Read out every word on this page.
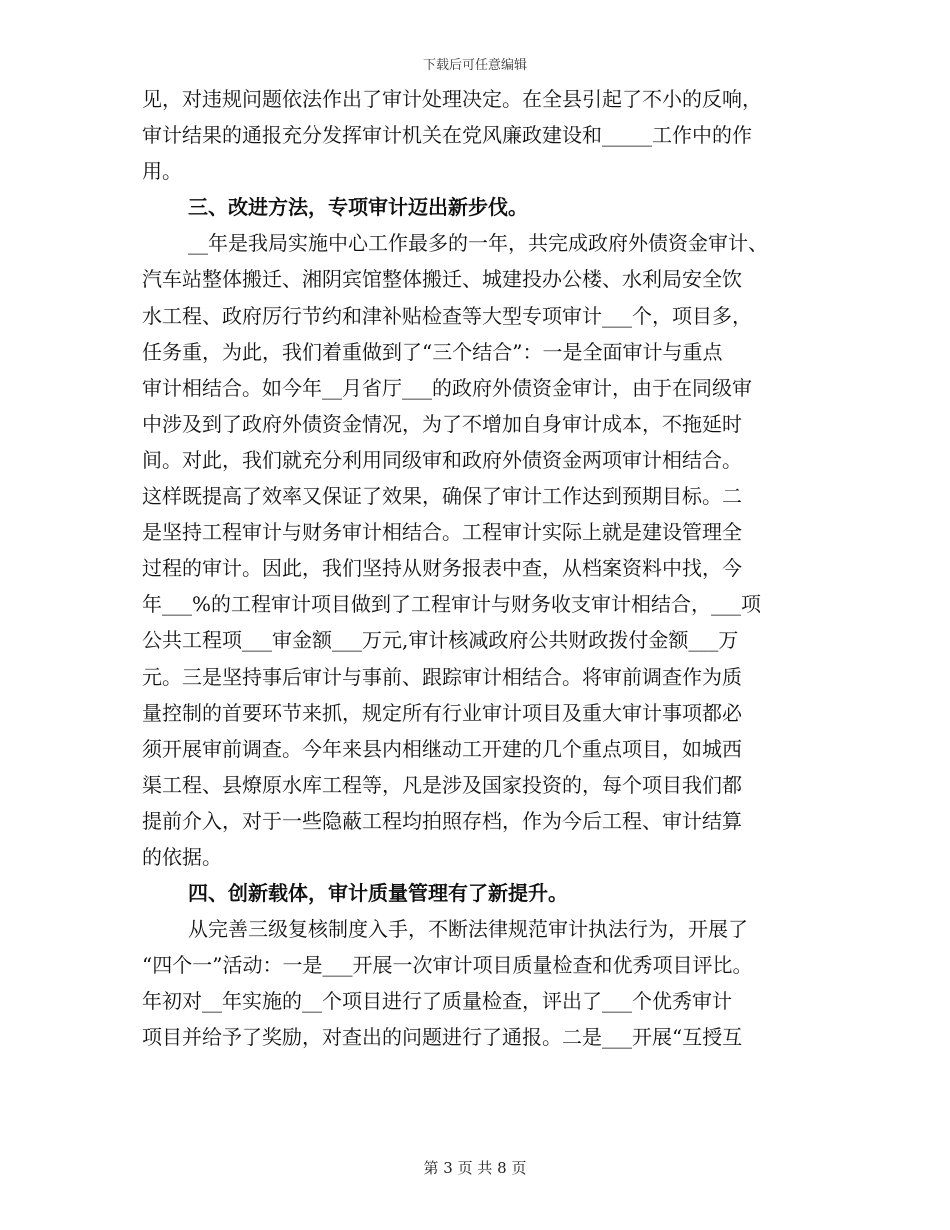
下载后可任意编辑
见，对违规问题依法作出了审计处理决定。在全县引起了不小的反响，
审计结果的通报充分发挥审计机关在党风廉政建设和_____工作中的作
用。
三、改进方法，专项审计迈出新步伐。
__年是我局实施中心工作最多的一年，共完成政府外债资金审计、
汽车站整体搬迁、湘阴宾馆整体搬迁、城建投办公楼、水利局安全饮
水工程、政府厉行节约和津补贴检查等大型专项审计___个，项目多，
任务重，为此，我们着重做到了“三个结合”：一是全面审计与重点
审计相结合。如今年__月省厅___的政府外债资金审计，由于在同级审
中涉及到了政府外债资金情况，为了不增加自身审计成本，不拖延时
间。对此，我们就充分利用同级审和政府外债资金两项审计相结合。
这样既提高了效率又保证了效果，确保了审计工作达到预期目标。二
是坚持工程审计与财务审计相结合。工程审计实际上就是建设管理全
过程的审计。因此，我们坚持从财务报表中查，从档案资料中找，今
年___%的工程审计项目做到了工程审计与财务收支审计相结合，___项
公共工程项___审金额___万元,审计核减政府公共财政拨付金额___万
元。三是坚持事后审计与事前、跟踪审计相结合。将审前调查作为质
量控制的首要环节来抓，规定所有行业审计项目及重大审计事项都必
须开展审前调查。今年来县内相继动工开建的几个重点项目，如城西
渠工程、县燎原水库工程等，凡是涉及国家投资的，每个项目我们都
提前介入，对于一些隐蔽工程均拍照存档，作为今后工程、审计结算
的依据。
四、创新载体，审计质量管理有了新提升。
从完善三级复核制度入手，不断法律规范审计执法行为，开展了
“四个一”活动：一是___开展一次审计项目质量检查和优秀项目评比。
年初对__年实施的__个项目进行了质量检查，评出了___个优秀审计
项目并给予了奖励，对查出的问题进行了通报。二是___开展“互授互
第 3 页 共 8 页
